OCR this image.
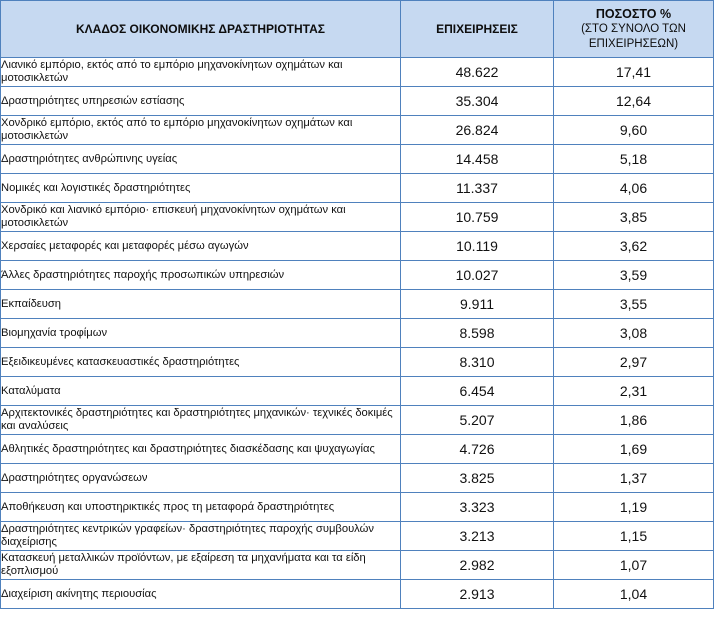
ΚΛΑΔΟΣ ΟΙΚΟΝΟΜΙΚΗΣ ΔΡΑΣΤΗΡΙΟΤΗΤΑΣ	ΕΠΙΧΕΙΡΗΣΕΙΣ	ΠΟΣΟΣΤΟ %
(ΣΤΟ ΣΥΝΟΛΟ ΤΩΝ
ΕΠΙΧΕΙΡΗΣΕΩΝ)

Λιανικό εμπόριο, εκτός από το εμπόριο μηχανοκίνητων οχημάτων και μοτοσικλετών	48.622	17,41

Δραστηριότητες υπηρεσιών εστίασης	35.304	12,64

Χονδρικό εμπόριο, εκτός από το εμπόριο μηχανοκίνητων οχημάτων και μοτοσικλετών	26.824	9,60

Δραστηριότητες ανθρώπινης υγείας	14.458	5,18

Νομικές και λογιστικές δραστηριότητες	11.337	4,06

Χονδρικό και λιανικό εμπόριο· επισκευή μηχανοκίνητων οχημάτων και μοτοσικλετών	10.759	3,85

Χερσαίες μεταφορές και μεταφορές μέσω αγωγών	10.119	3,62

Άλλες δραστηριότητες παροχής προσωπικών υπηρεσιών	10.027	3,59

Εκπαίδευση	9.911	3,55

Βιομηχανία τροφίμων	8.598	3,08

Εξειδικευμένες κατασκευαστικές δραστηριότητες	8.310	2,97

Καταλύματα	6.454	2,31

Αρχιτεκτονικές δραστηριότητες και δραστηριότητες μηχανικών· τεχνικές δοκιμές και αναλύσεις	5.207	1,86

Αθλητικές δραστηριότητες και δραστηριότητες διασκέδασης και ψυχαγωγίας	4.726	1,69

Δραστηριότητες οργανώσεων	3.825	1,37

Αποθήκευση και υποστηρικτικές προς τη μεταφορά δραστηριότητες	3.323	1,19

Δραστηριότητες κεντρικών γραφείων· δραστηριότητες παροχής συμβουλών διαχείρισης	3.213	1,15

Κατασκευή μεταλλικών προϊόντων, με εξαίρεση τα μηχανήματα και τα είδη εξοπλισμού	2.982	1,07

Διαχείριση ακίνητης περιουσίας	2.913	1,04
